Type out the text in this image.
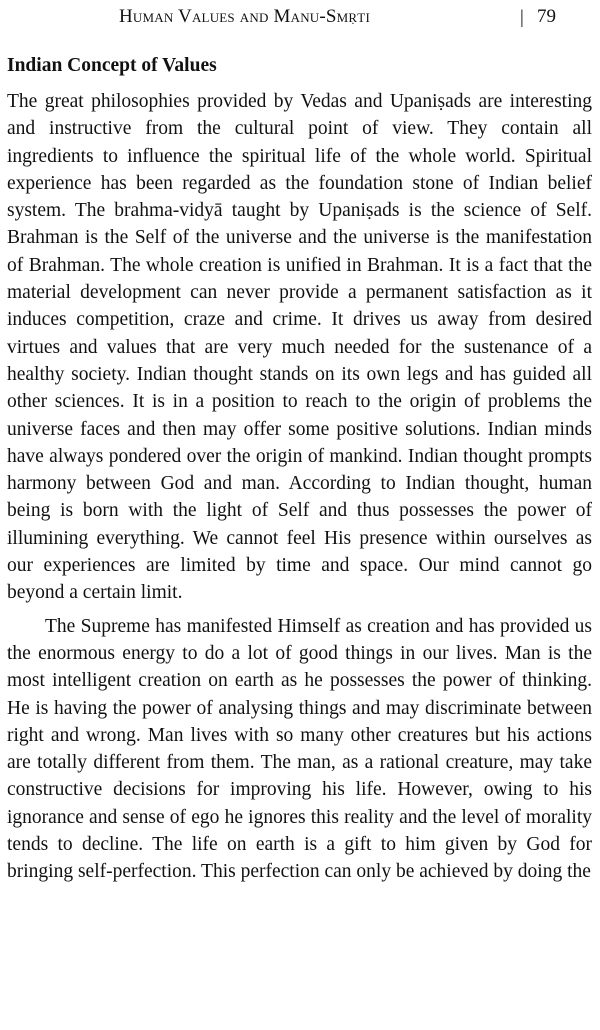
Human Values and Manu-Smṛti	| 79
Indian Concept of Values

The great philosophies provided by Vedas and Upaniṣads are interesting and instructive from the cultural point of view. They contain all ingredients to influence the spiritual life of the whole world. Spiritual experience has been regarded as the foundation stone of Indian belief system. The brahma-vidyā taught by Upaniṣads is the science of Self. Brahman is the Self of the universe and the universe is the manifestation of Brahman. The whole creation is unified in Brahman. It is a fact that the material development can never provide a permanent satisfaction as it induces competition, craze and crime. It drives us away from desired virtues and values that are very much needed for the sustenance of a healthy society. Indian thought stands on its own legs and has guided all other sciences. It is in a position to reach to the origin of problems the universe faces and then may offer some positive solutions. Indian minds have always pondered over the origin of mankind. Indian thought prompts harmony between God and man. According to Indian thought, human being is born with the light of Self and thus possesses the power of illumining everything. We cannot feel His presence within ourselves as our experiences are limited by time and space. Our mind cannot go beyond a certain limit.

The Supreme has manifested Himself as creation and has provided us the enormous energy to do a lot of good things in our lives. Man is the most intelligent creation on earth as he possesses the power of thinking. He is having the power of analysing things and may discriminate between right and wrong. Man lives with so many other creatures but his actions are totally different from them. The man, as a rational creature, may take constructive decisions for improving his life. However, owing to his ignorance and sense of ego he ignores this reality and the level of morality tends to decline. The life on earth is a gift to him given by God for bringing self-perfection. This perfection can only be achieved by doing the
